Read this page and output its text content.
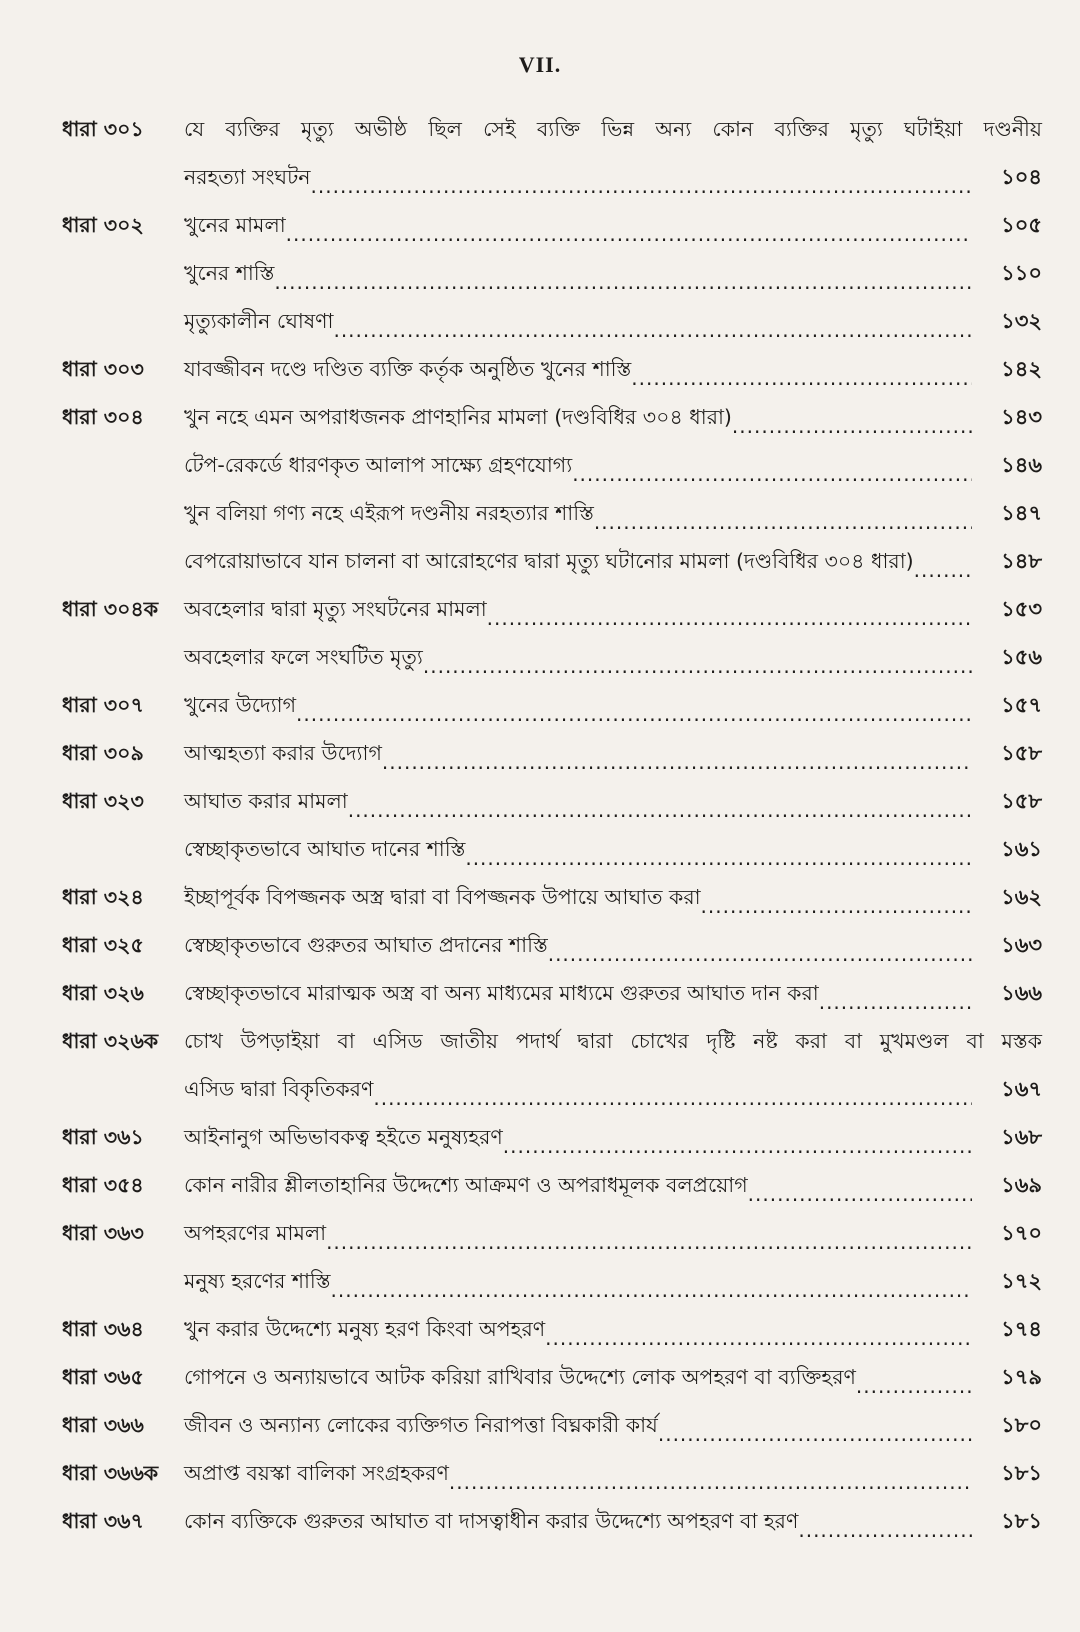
VII.
ধারা ৩০১	যে ব্যক্তির মৃত্যু অভীষ্ঠ ছিল সেই ব্যক্তি ভিন্ন অন্য কোন ব্যক্তির মৃত্যু ঘটাইয়া দণ্ডনীয়
নরহত্যা সংঘটন .....	১০৪
ধারা ৩০২	খুনের মামলা .....	১০৫
খুনের শাস্তি .....	১১০
মৃত্যুকালীন ঘোষণা .....	১৩২
ধারা ৩০৩	যাবজ্জীবন দণ্ডে দণ্ডিত ব্যক্তি কর্তৃক অনুষ্ঠিত খুনের শাস্তি .....	১৪২
ধারা ৩০৪	খুন নহে এমন অপরাধজনক প্রাণহানির মামলা (দণ্ডবিধির ৩০৪ ধারা) .....	১৪৩
টেপ-রেকর্ডে ধারণকৃত আলাপ সাক্ষ্যে গ্রহণযোগ্য .....	১৪৬
খুন বলিয়া গণ্য নহে এইরূপ দণ্ডনীয় নরহত্যার শাস্তি .....	১৪৭
বেপরোয়াভাবে যান চালনা বা আরোহণের দ্বারা মৃত্যু ঘটানোর মামলা (দণ্ডবিধির ৩০৪ ধারা) .....	১৪৮
ধারা ৩০৪ক	অবহেলার দ্বারা মৃত্যু সংঘটনের মামলা .....	১৫৩
অবহেলার ফলে সংঘটিত মৃত্যু .....	১৫৬
ধারা ৩০৭	খুনের উদ্যোগ .....	১৫৭
ধারা ৩০৯	আত্মহত্যা করার উদ্যোগ .....	১৫৮
ধারা ৩২৩	আঘাত করার মামলা .....	১৫৮
স্বেচ্ছাকৃতভাবে আঘাত দানের শাস্তি .....	১৬১
ধারা ৩২৪	ইচ্ছাপূর্বক বিপজ্জনক অস্ত্র দ্বারা বা বিপজ্জনক উপায়ে আঘাত করা .....	১৬২
ধারা ৩২৫	স্বেচ্ছাকৃতভাবে গুরুতর আঘাত প্রদানের শাস্তি .....	১৬৩
ধারা ৩২৬	স্বেচ্ছাকৃতভাবে মারাত্মক অস্ত্র বা অন্য মাধ্যমের মাধ্যমে গুরুতর আঘাত দান করা .....	১৬৬
ধারা ৩২৬ক	চোখ উপড়াইয়া বা এসিড জাতীয় পদার্থ দ্বারা চোখের দৃষ্টি নষ্ট করা বা মুখমণ্ডল বা মস্তক
এসিড দ্বারা বিকৃতিকরণ .....	১৬৭
ধারা ৩৬১	আইনানুগ অভিভাবকত্ব হইতে মনুষ্যহরণ .....	১৬৮
ধারা ৩৫৪	কোন নারীর শ্লীলতাহানির উদ্দেশ্যে আক্রমণ ও অপরাধমূলক বলপ্রয়োগ .....	১৬৯
ধারা ৩৬৩	অপহরণের মামলা .....	১৭০
মনুষ্য হরণের শাস্তি .....	১৭২
ধারা ৩৬৪	খুন করার উদ্দেশ্যে মনুষ্য হরণ কিংবা অপহরণ .....	১৭৪
ধারা ৩৬৫	গোপনে ও অন্যায়ভাবে আটক করিয়া রাখিবার উদ্দেশ্যে লোক অপহরণ বা ব্যক্তিহরণ .....	১৭৯
ধারা ৩৬৬	জীবন ও অন্যান্য লোকের ব্যক্তিগত নিরাপত্তা বিঘ্নকারী কার্য .....	১৮০
ধারা ৩৬৬ক	অপ্রাপ্ত বয়স্কা বালিকা সংগ্রহকরণ .....	১৮১
ধারা ৩৬৭	কোন ব্যক্তিকে গুরুতর আঘাত বা দাসত্বাধীন করার উদ্দেশ্যে অপহরণ বা হরণ .....	১৮১
